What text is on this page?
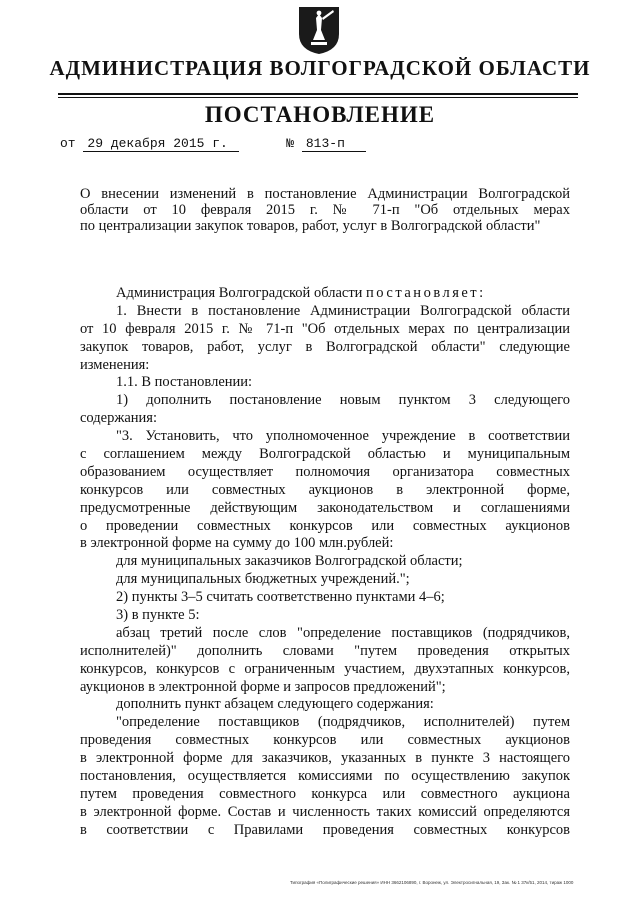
АДМИНИСТРАЦИЯ ВОЛГОГРАДСКОЙ ОБЛАСТИ
ПОСТАНОВЛЕНИЕ
от 29 декабря 2015 г.	№ 813-п

О внесении изменений в постановление Администрации Волгоградской

области от 10 февраля 2015 г. № 71-п "Об отдельных мерах

по централизации закупок товаров, работ, услуг в Волгоградской области"

Администрация Волгоградской области постановляет:
1. Внести в постановление Администрации Волгоградской области
от 10 февраля 2015 г. № 71-п "Об отдельных мерах по централизации
закупок товаров, работ, услуг в Волгоградской области" следующие
изменения:
1.1. В постановлении:
1) дополнить постановление новым пунктом 3 следующего
содержания:
"3. Установить, что уполномоченное учреждение в соответствии
с соглашением между Волгоградской областью и муниципальным
образованием осуществляет полномочия организатора совместных
конкурсов или совместных аукционов в электронной форме,
предусмотренные действующим законодательством и соглашениями
о проведении совместных конкурсов или совместных аукционов
в электронной форме на сумму до 100 млн.рублей:
для муниципальных заказчиков Волгоградской области;
для муниципальных бюджетных учреждений.";
2) пункты 3–5 считать соответственно пунктами 4–6;
3) в пункте 5:
абзац третий после слов "определение поставщиков (подрядчиков,
исполнителей)" дополнить словами "путем проведения открытых
конкурсов, конкурсов с ограниченным участием, двухэтапных конкурсов,
аукционов в электронной форме и запросов предложений";
дополнить пункт абзацем следующего содержания:
"определение поставщиков (подрядчиков, исполнителей) путем
проведения совместных конкурсов или совместных аукционов
в электронной форме для заказчиков, указанных в пункте 3 настоящего
постановления, осуществляется комиссиями по осуществлению закупок
путем проведения совместного конкурса или совместного аукциона
в электронной форме. Состав и численность таких комиссий определяются
в соответствии с Правилами проведения совместных конкурсов
Типография «Полиграфические решения» ИНН 3662106890, г. Воронеж, ул. Электросигнальная, 19, Зак. № 1 37к/51, 2014, тираж 1000
